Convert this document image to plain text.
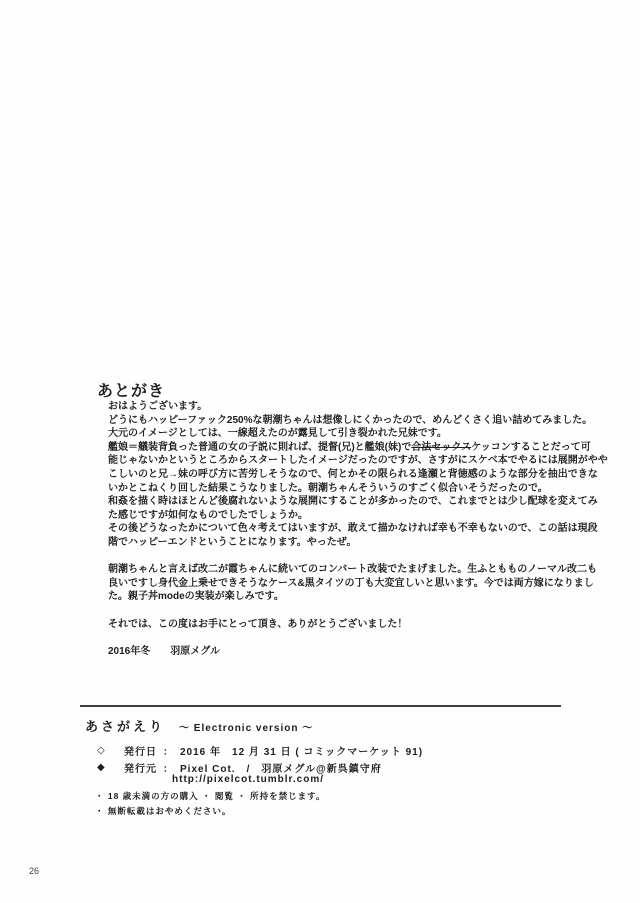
あとがき
おはようございます。
どうにもハッピーファック250%な朝潮ちゃんは想像しにくかったので、めんどくさく追い詰めてみました。
大元のイメージとしては、一線超えたのが露見して引き裂かれた兄妹です。
艦娘＝艤装背負った普通の女の子説に則れば、提督(兄)と艦娘(妹)で合法セックスケッコンすることだって可
能じゃないかというところからスタートしたイメージだったのですが、さすがにスケベ本でやるには展開がやや
こしいのと兄→妹の呼び方に苦労しそうなので、何とかその限られる逢瀬と背徳感のような部分を抽出できな
いかとこねくり回した結果こうなりました。朝潮ちゃんそういうのすごく似合いそうだったので。
和姦を描く時はほとんど後腐れないような展開にすることが多かったので、これまでとは少し配球を変えてみ
た感じですが如何なものでしたでしょうか。
その後どうなったかについて色々考えてはいますが、敢えて描かなければ幸も不幸もないので、この話は現段
階でハッピーエンドということになります。やったぜ。
朝潮ちゃんと言えば改二が霞ちゃんに続いてのコンバート改装でたまげました。生ふともものノーマル改二も
良いですし身代金上乗せできそうなケース&黒タイツの丁も大変宜しいと思います。今では両方嫁になりまし
た。親子丼modeの実装が楽しみです。
それでは、この度はお手にとって頂き、ありがとうございました！
2016年冬　　羽原メグル
あさがえり ～ Electronic version ～
◇	発行日 ： 2016 年　12 月 31 日 ( コミックマーケット 91)
◆	発行元 ： Pixel Cot.　/　羽原メグル@新呉鎮守府
http://pixelcot.tumblr.com/
・ 18 歳未満の方の購入 ・ 閲覧 ・ 所持を禁じます。
・ 無断転載はおやめください。
26
